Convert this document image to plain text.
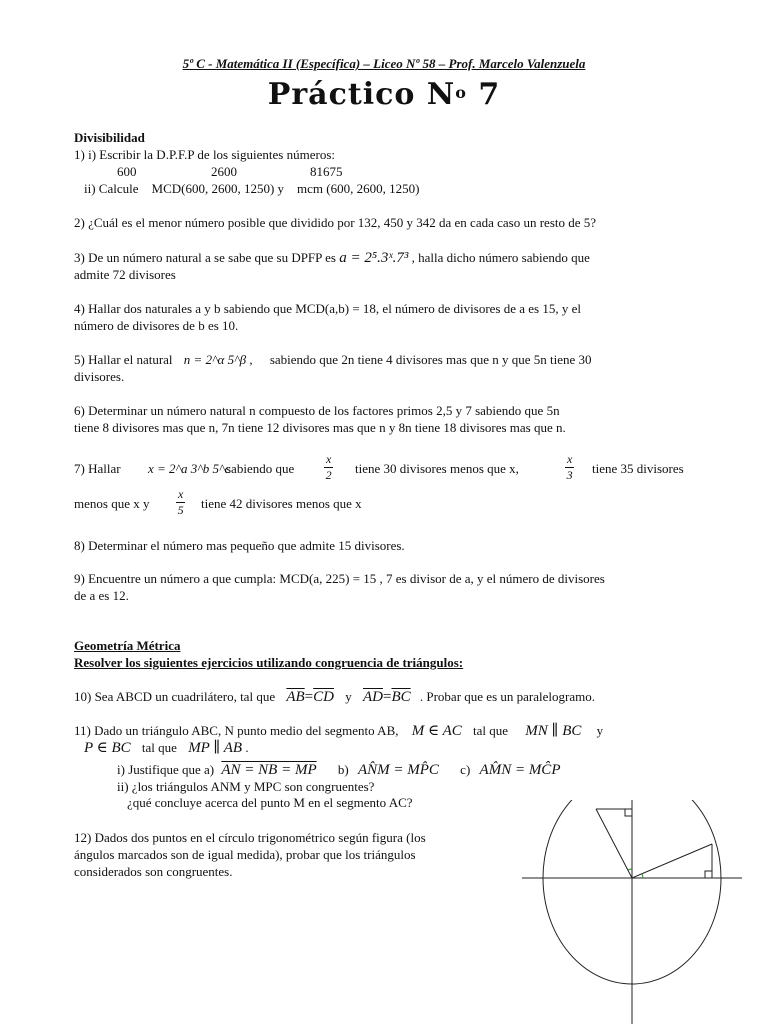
5º C - Matemática II (Específica) – Liceo Nº 58 – Prof. Marcelo Valenzuela
Práctico $N^o$ 7
Divisibilidad
1) i) Escribir la D.P.F.P de los siguientes números:
600	2600	81675
ii) Calcule    MCD(600, 2600, 1250) y    mcm (600, 2600, 1250)
2) ¿Cuál es el menor número posible que dividido por 132, 450 y 342 da en cada caso un resto de 5?
3) De un número natural a se sabe que su DPFP es a = 2⁵.3ˣ.7³ , halla dicho número sabiendo que
admite 72 divisores
4) Hallar dos naturales a y b sabiendo que MCD(a,b) = 18, el número de divisores de a es 15, y el
número de divisores de b es 10.
5) Hallar el natural n = 2^α 5^β , sabiendo que 2n tiene 4 divisores mas que n y que 5n tiene 30
divisores.
6) Determinar un número natural n compuesto de los factores primos 2,5 y 7 sabiendo que 5n
tiene 8 divisores mas que n, 7n tiene 12 divisores mas que n y 8n tiene 18 divisores mas que n.
7) Hallar x = 2^a 3^b 5^c
sabiendo que $\frac{x}{2}$ tiene 30 divisores menos que x,	$\frac{x}{3}$ tiene 35 divisores
menos que x y $\frac{x}{5}$ tiene 42 divisores menos que x
8) Determinar el número mas pequeño que admite 15 divisores.
9) Encuentre un número a que cumpla: MCD(a, 225) = 15 , 7 es divisor de a, y el número de divisores
de a es 12.
Geometría Métrica
Resolver los siguientes ejercicios utilizando congruencia de triángulos:
10) Sea ABCD un cuadrilátero, tal que $\overline{AB}=\overline{CD}$ y $\overline{AD}=\overline{BC}$ . Probar que es un paralelogramo.
11) Dado un triángulo ABC, N punto medio del segmento AB, M ∈ AC tal que MN ∥ BC y
P ∈ BC tal que MP ∥ AB .
i) Justifique que a) AN = NB = MP b) AN̂M = MP̂C c) AM̂N = MĈP
ii) ¿los triángulos ANM y MPC son congruentes?
¿qué concluye acerca del punto M en el segmento AC?
12) Dados dos puntos en el círculo trigonométrico según figura (los
ángulos marcados son de igual medida), probar que los triángulos
considerados son congruentes.
